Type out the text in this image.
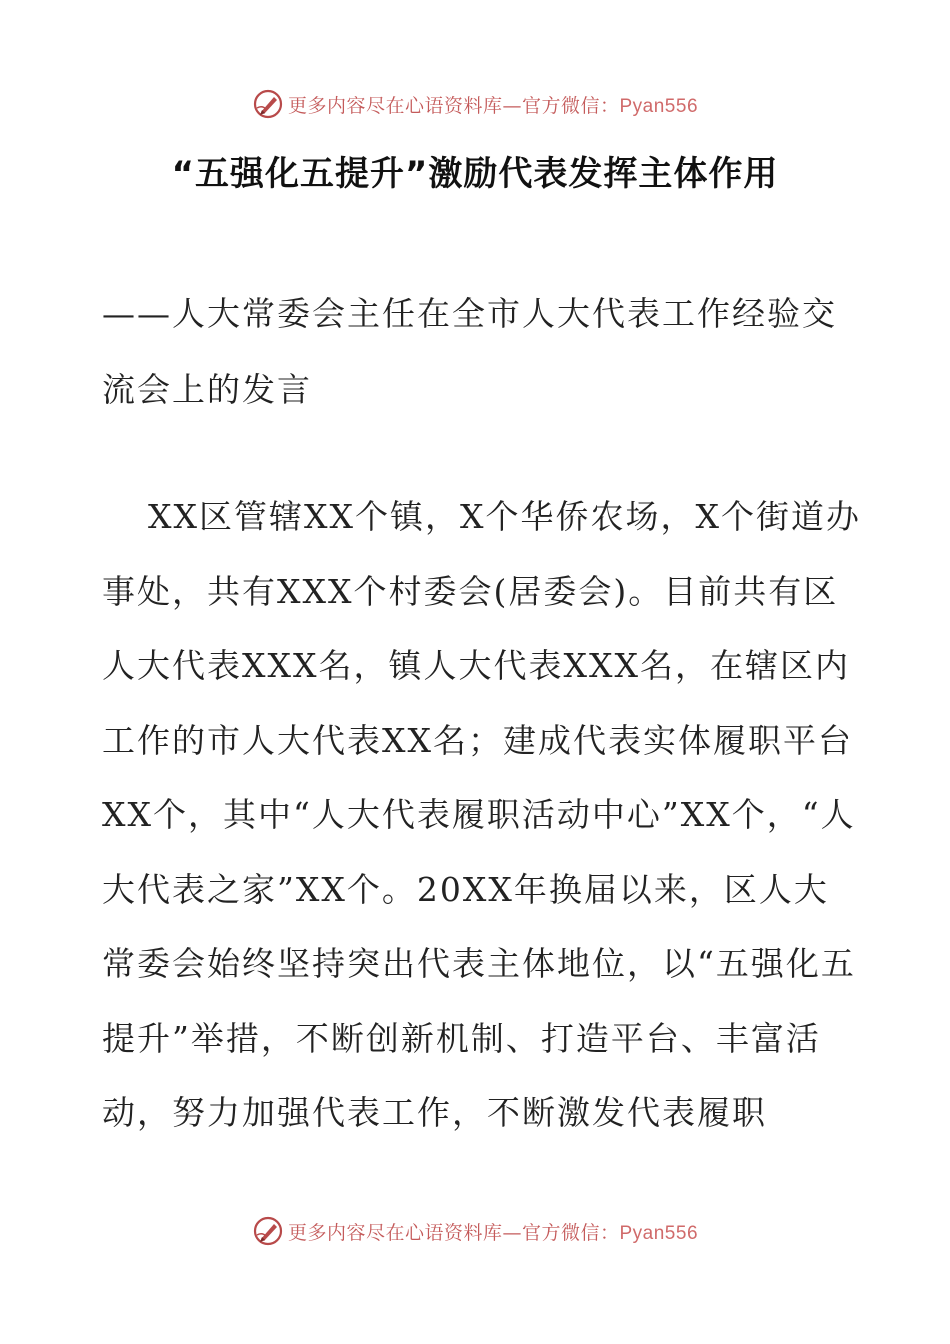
更多内容尽在心语资料库—官方微信：Pyan556
“五强化五提升”激励代表发挥主体作用
——人大常委会主任在全市人大代表工作经验交流会上的发言

XX区管辖XX个镇，X个华侨农场，X个街道办事处，共有XXX个村委会(居委会)。目前共有区人大代表XXX名，镇人大代表XXX名，在辖区内工作的市人大代表XX名；建成代表实体履职平台XX个，其中“人大代表履职活动中心”XX个，“人大代表之家”XX个。20XX年换届以来，区人大常委会始终坚持突出代表主体地位，以“五强化五提升”举措，不断创新机制、打造平台、丰富活动，努力加强代表工作，不断激发代表履职

更多内容尽在心语资料库—官方微信：Pyan556
